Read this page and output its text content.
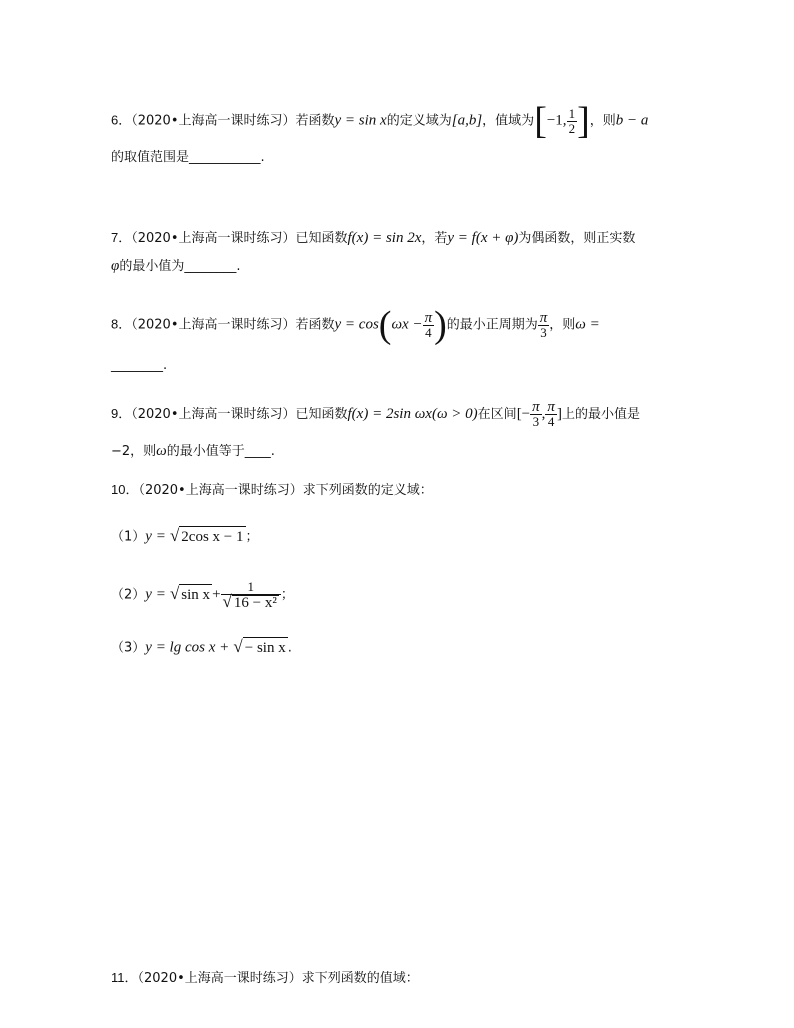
6．（2020•上海高一课时练习）若函数y = sin x的定义域为[a,b]，值域为[−1, $\frac{1}{2}$ ]，则b − a
的取值范围是___________.
7．（2020•上海高一课时练习）已知函数f(x) = sin 2x，若y = f(x + φ)为偶函数，则正实数
φ的最小值为________.
8．（2020•上海高一课时练习）若函数$y = \cos(\omega x - \frac{\pi}{4}$ )的最小正周期为 $\frac{\pi}{3}$ ，则ω =
________.
9．（2020•上海高一课时练习）已知函数f(x) = 2sin ωx(ω > 0)在区间[− $\frac{\pi}{3}$ , $\frac{\pi}{4}$ ]上的最小值是
−2，则ω的最小值等于____.
10．（2020•上海高一课时练习）求下列函数的定义域：
（1）y = √ 2cos x − 1 ；
（2）y = √ $\sin x + \frac{1}{\text{√ 16 − x²}}$ ；
（3）y = lg cos x + √ − sin x .
11．（2020•上海高一课时练习）求下列函数的值域：
